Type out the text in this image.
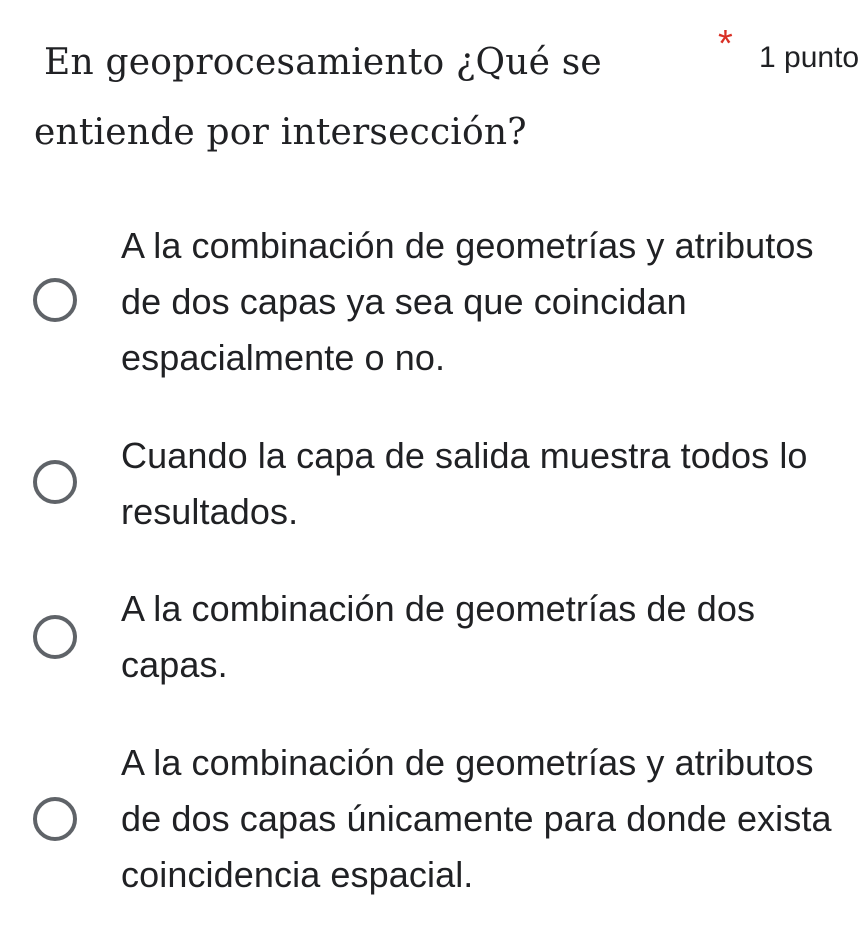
En geoprocesamiento ¿Qué se entiende por intersección?
* 1 punto

A la combinación de geometrías y atributos de dos capas ya sea que coincidan espacialmente o no.

Cuando la capa de salida muestra todos lo resultados.

A la combinación de geometrías de dos capas.

A la combinación de geometrías y atributos de dos capas únicamente para donde exista coincidencia espacial.
